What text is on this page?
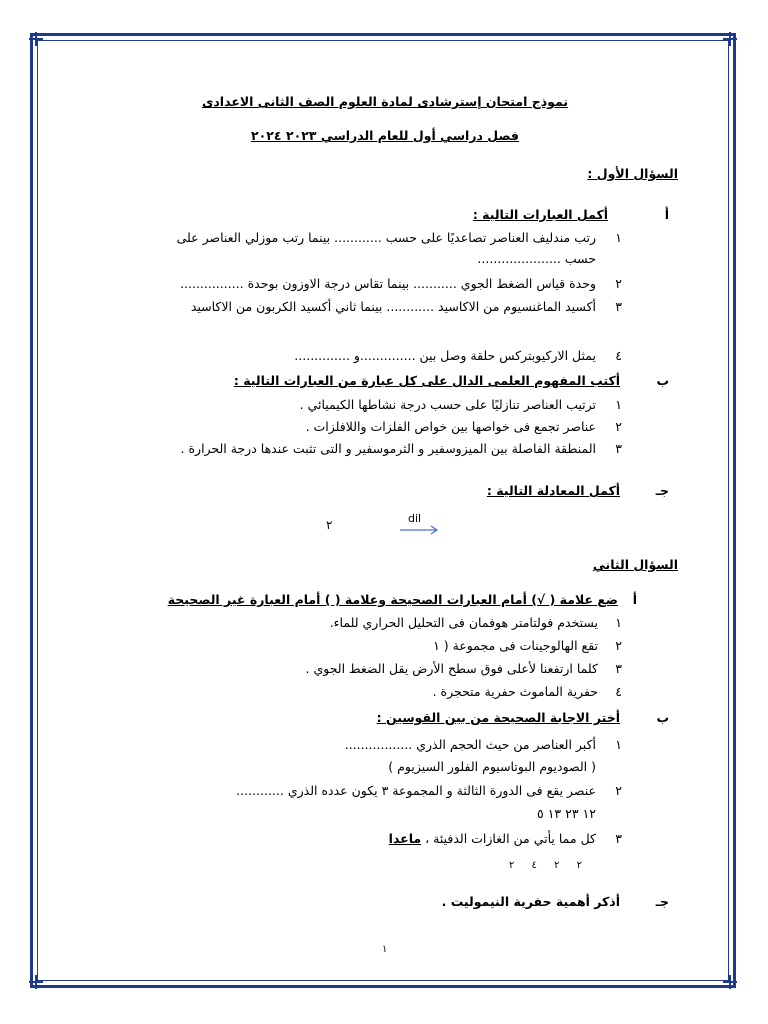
نموذج امتحان إسترشادى لمادة العلوم الصف الثانى الاعدادى
فصل دراسي أول للعام الدراسي ٢٠٢٣ ٢٠٢٤
السؤال الأول :
أ
أكمل العبارات التالية :
١
رتب مندليف العناصر تصاعديًا على حسب ............ بينما رتب موزلي العناصر على
حسب .....................
٢
وحدة قياس الضغط الجوي ........... بينما تقاس درجة الاوزون بوحدة ................
٣
أكسيد الماغنسيوم من الاكاسيد ............ بينما ثاني أكسيد الكربون من الاكاسيد
٤
يمثل الاركيوبتركس حلقة وصل بين ..............و ..............
ب
أكتب المفهوم العلمى الدال على كل عبارة من العبارات التالية :
١
ترتيب العناصر تنازليًا على حسب درجة نشاطها الكيميائي .
٢
عناصر تجمع فى خواصها بين خواص الفلزات واللافلزات .
٣
المنطقة الفاصلة بين الميزوسفير و الثرموسفير و التى تثبت عندها درجة الحرارة .
جـ
أكمل المعادلة التالية :
٢	dil
السؤال الثاني
أ
ضع علامة ( √) أمام العبارات الصحيحة وعلامة ( ) أمام العبارة غير الصحيحة
١
يستخدم فولتامتر هوفمان فى التحليل الحراري للماء.
٢
تقع الهالوجينات فى مجموعة ( ١
٣
كلما ارتفعنا لأعلى فوق سطح الأرض يقل الضغط الجوي .
٤
حفرية الماموث حفرية متحجرة .
ب
أختر الاجابة الصحيحة من بين القوسين :
١
أكبر العناصر من حيث الحجم الذري .................
( الصوديوم البوتاسيوم الفلور السيزيوم )
٢
عنصر يقع فى الدورة الثالثة و المجموعة ٣ يكون عدده الذري ............
١٢ ٢٣ ١٣ ٥
٣
كل مما يأتي من الغازات الدفيئة ، ماعدا
٢ ٢ ٤ ٢
جـ
أذكر أهمية حفرية النيموليت .
١
